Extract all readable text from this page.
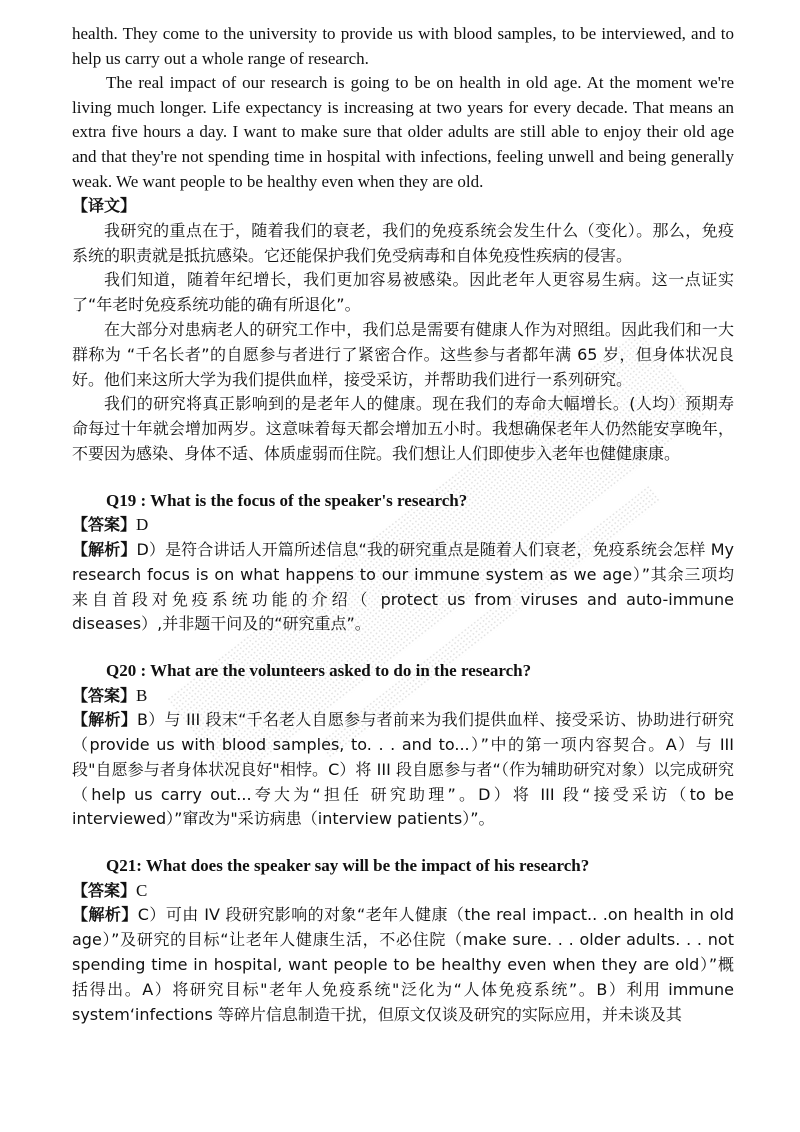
health. They come to the university to provide us with blood samples, to be interviewed, and to help us carry out a whole range of research.

The real impact of our research is going to be on health in old age. At the moment we're living much longer. Life expectancy is increasing at two years for every decade. That means an extra five hours a day. I want to make sure that older adults are still able to enjoy their old age and that they're not spending time in hospital with infections, feeling unwell and being generally weak. We want people to be healthy even when they are old.

【译文】

我研究的重点在于，随着我们的衰老，我们的免疫系统会发生什么（变化）。那么，免疫系统的职责就是抵抗感染。它还能保护我们免受病毒和自体免疫性疾病的侵害。

我们知道，随着年纪增长，我们更加容易被感染。因此老年人更容易生病。这一点证实了“年老时免疫系统功能的确有所退化”。

在大部分对患病老人的研究工作中，我们总是需要有健康人作为对照组。因此我们和一大群称为 “千名长者”的自愿参与者进行了紧密合作。这些参与者都年满 65 岁，但身体状况良好。他们来这所大学为我们提供血样，接受采访，并帮助我们进行一系列研究。

我们的研究将真正影响到的是老年人的健康。现在我们的寿命大幅增长。(人均）预期寿命每过十年就会增加两岁。这意味着每天都会增加五小时。我想确保老年人仍然能安享晚年，不要因为感染、身体不适、体质虚弱而住院。我们想让人们即使步入老年也健健康康。

Q19 : What is the focus of the speaker's research?

【答案】D

【解析】D）是符合讲话人开篇所述信息“我的研究重点是随着人们衰老，免疫系统会怎样 My research focus is on what happens to our immune system as we age）”其余三项均来自首段对免疫系统功能的介绍（ protect us from viruses and auto-immune diseases）,并非题干问及的“研究重点”。

Q20 : What are the volunteers asked to do in the research?

【答案】B

【解析】B）与 III 段末“千名老人自愿参与者前来为我们提供血样、接受采访、协助进行研究（provide us with blood samples, to. . . and to...）”中的第一项内容契合。A）与 III 段"自愿参与者身体状况良好"相悖。C）将 III 段自愿参与者“（作为辅助研究对象）以完成研究（help us carry out...夸大为“担任 研究助理”。D）将 III 段“接受采访（to be interviewed）”窜改为"采访病患（interview patients）”。

Q21: What does the speaker say will be the impact of his research?

【答案】C

【解析】C）可由 IV 段研究影响的对象“老年人健康（the real impact.. .on health in old age）”及研究的目标“让老年人健康生活，不必住院（make sure. . . older adults. . . not spending time in hospital, want people to be healthy even when they are old）”概括得出。A）将研究目标"老年人免疫系统"泛化为“人体免疫系统”。B）利用 immune system‘infections 等碎片信息制造干扰，但原文仅谈及研究的实际应用，并未谈及其
